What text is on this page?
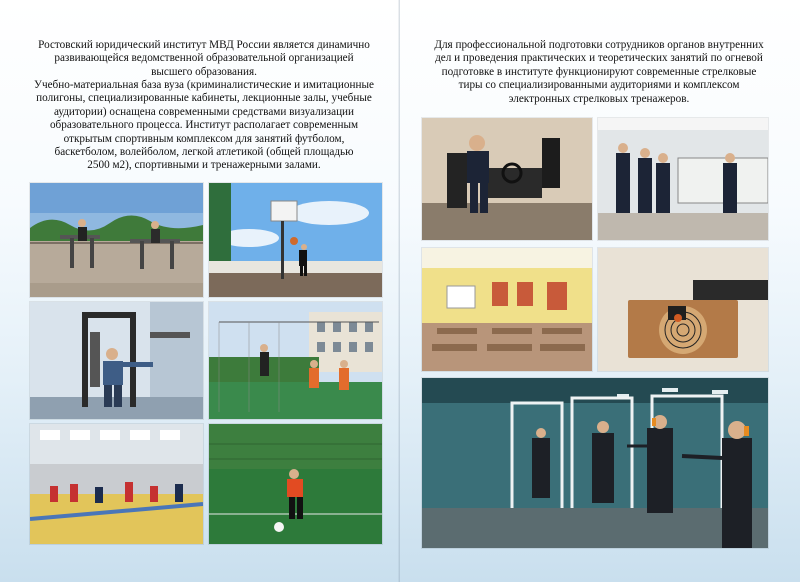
Ростовский юридический институт МВД России является динамично
развивающейся ведомственной образовательной организацией
высшего образования.

Учебно-материальная база вуза (криминалистические и имитационные
полигоны, специализированные кабинеты, лекционные залы, учебные
аудитории) оснащена современными средствами визуализации
образовательного процесса. Институт располагает современным
открытым спортивным комплексом для занятий футболом,
баскетболом, волейболом, легкой атлетикой (общей площадью
2500 м2), спортивными и тренажерными залами.

Для профессиональной подготовки сотрудников органов внутренних
дел и проведения практических и теоретических занятий по огневой
подготовке в институте функционируют современные стрелковые
тиры со специализированными аудиториями и комплексом
электронных стрелковых тренажеров.
